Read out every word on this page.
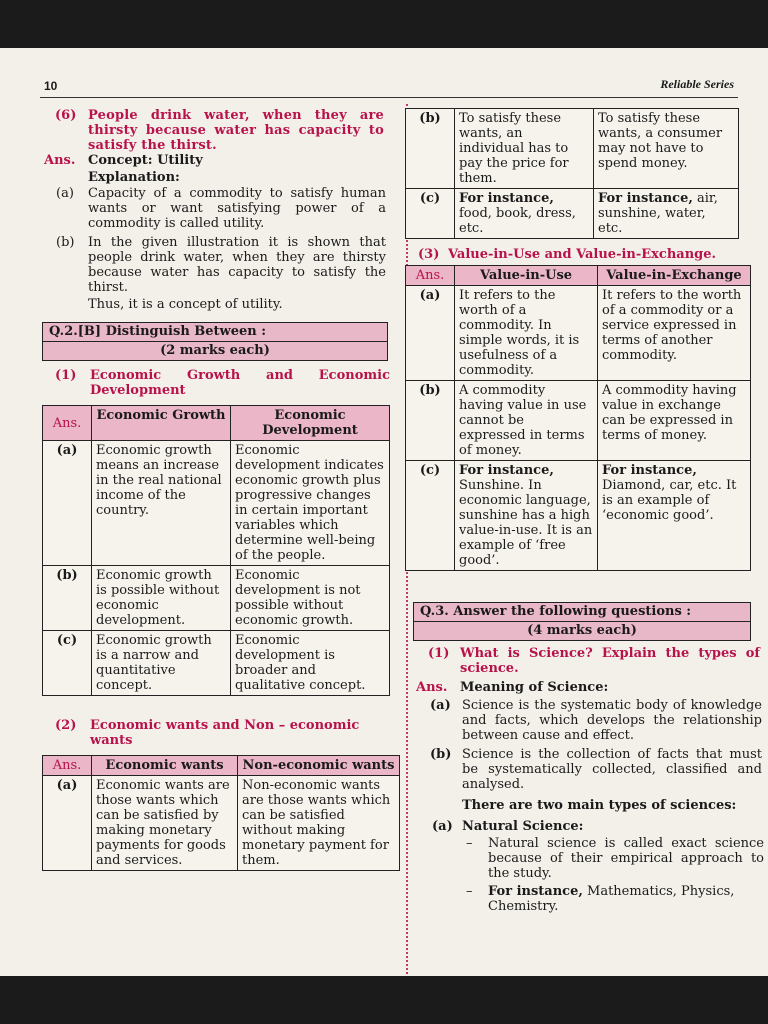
10	Reliable Series
(6) People drink water, when they are thirsty because water has capacity to satisfy the thirst.
Ans. Concept: Utility
Explanation:
(a) Capacity of a commodity to satisfy human wants or want satisfying power of a commodity is called utility.
(b) In the given illustration it is shown that people drink water, when they are thirsty because water has capacity to satisfy the thirst.
Thus, it is a concept of utility.
Q.2.[B] Distinguish Between :
(2 marks each)
(1) Economic Growth and Economic Development
Ans.	Economic Growth	Economic Development
(a)	Economic growth means an increase in the real national income of the country.	Economic development indicates economic growth plus progressive changes in certain important variables which determine well-being of the people.
(b)	Economic growth is possible without economic development.	Economic development is not possible without economic growth.
(c)	Economic growth is a narrow and quantitative concept.	Economic development is broader and qualitative concept.
(2) Economic wants and Non – economic wants
Ans.	Economic wants	Non-economic wants
(a)	Economic wants are those wants which can be satisfied by making monetary payments for goods and services.	Non-economic wants are those wants which can be satisfied without making monetary payment for them.
(b)	To satisfy these wants, an individual has to pay the price for them.	To satisfy these wants, a consumer may not have to spend money.
(c)	For instance, food, book, dress, etc.	For instance, air, sunshine, water, etc.
(3) Value-in-Use and Value-in-Exchange.
Ans.	Value-in-Use	Value-in-Exchange
(a)	It refers to the worth of a commodity. In simple words, it is usefulness of a commodity.	It refers to the worth of a commodity or a service expressed in terms of another commodity.
(b)	A commodity having value in use cannot be expressed in terms of money.	A commodity having value in exchange can be expressed in terms of money.
(c)	For instance, Sunshine. In economic language, sunshine has a high value-in-use. It is an example of ‘free good’.	For instance, Diamond, car, etc. It is an example of ‘economic good’.
Q.3. Answer the following questions :
(4 marks each)
(1) What is Science? Explain the types of science.
Ans. Meaning of Science:
(a) Science is the systematic body of knowledge and facts, which develops the relationship between cause and effect.
(b) Science is the collection of facts that must be systematically collected, classified and analysed.
There are two main types of sciences:
(a) Natural Science:
– Natural science is called exact science because of their empirical approach to the study.
– For instance, Mathematics, Physics, Chemistry.
